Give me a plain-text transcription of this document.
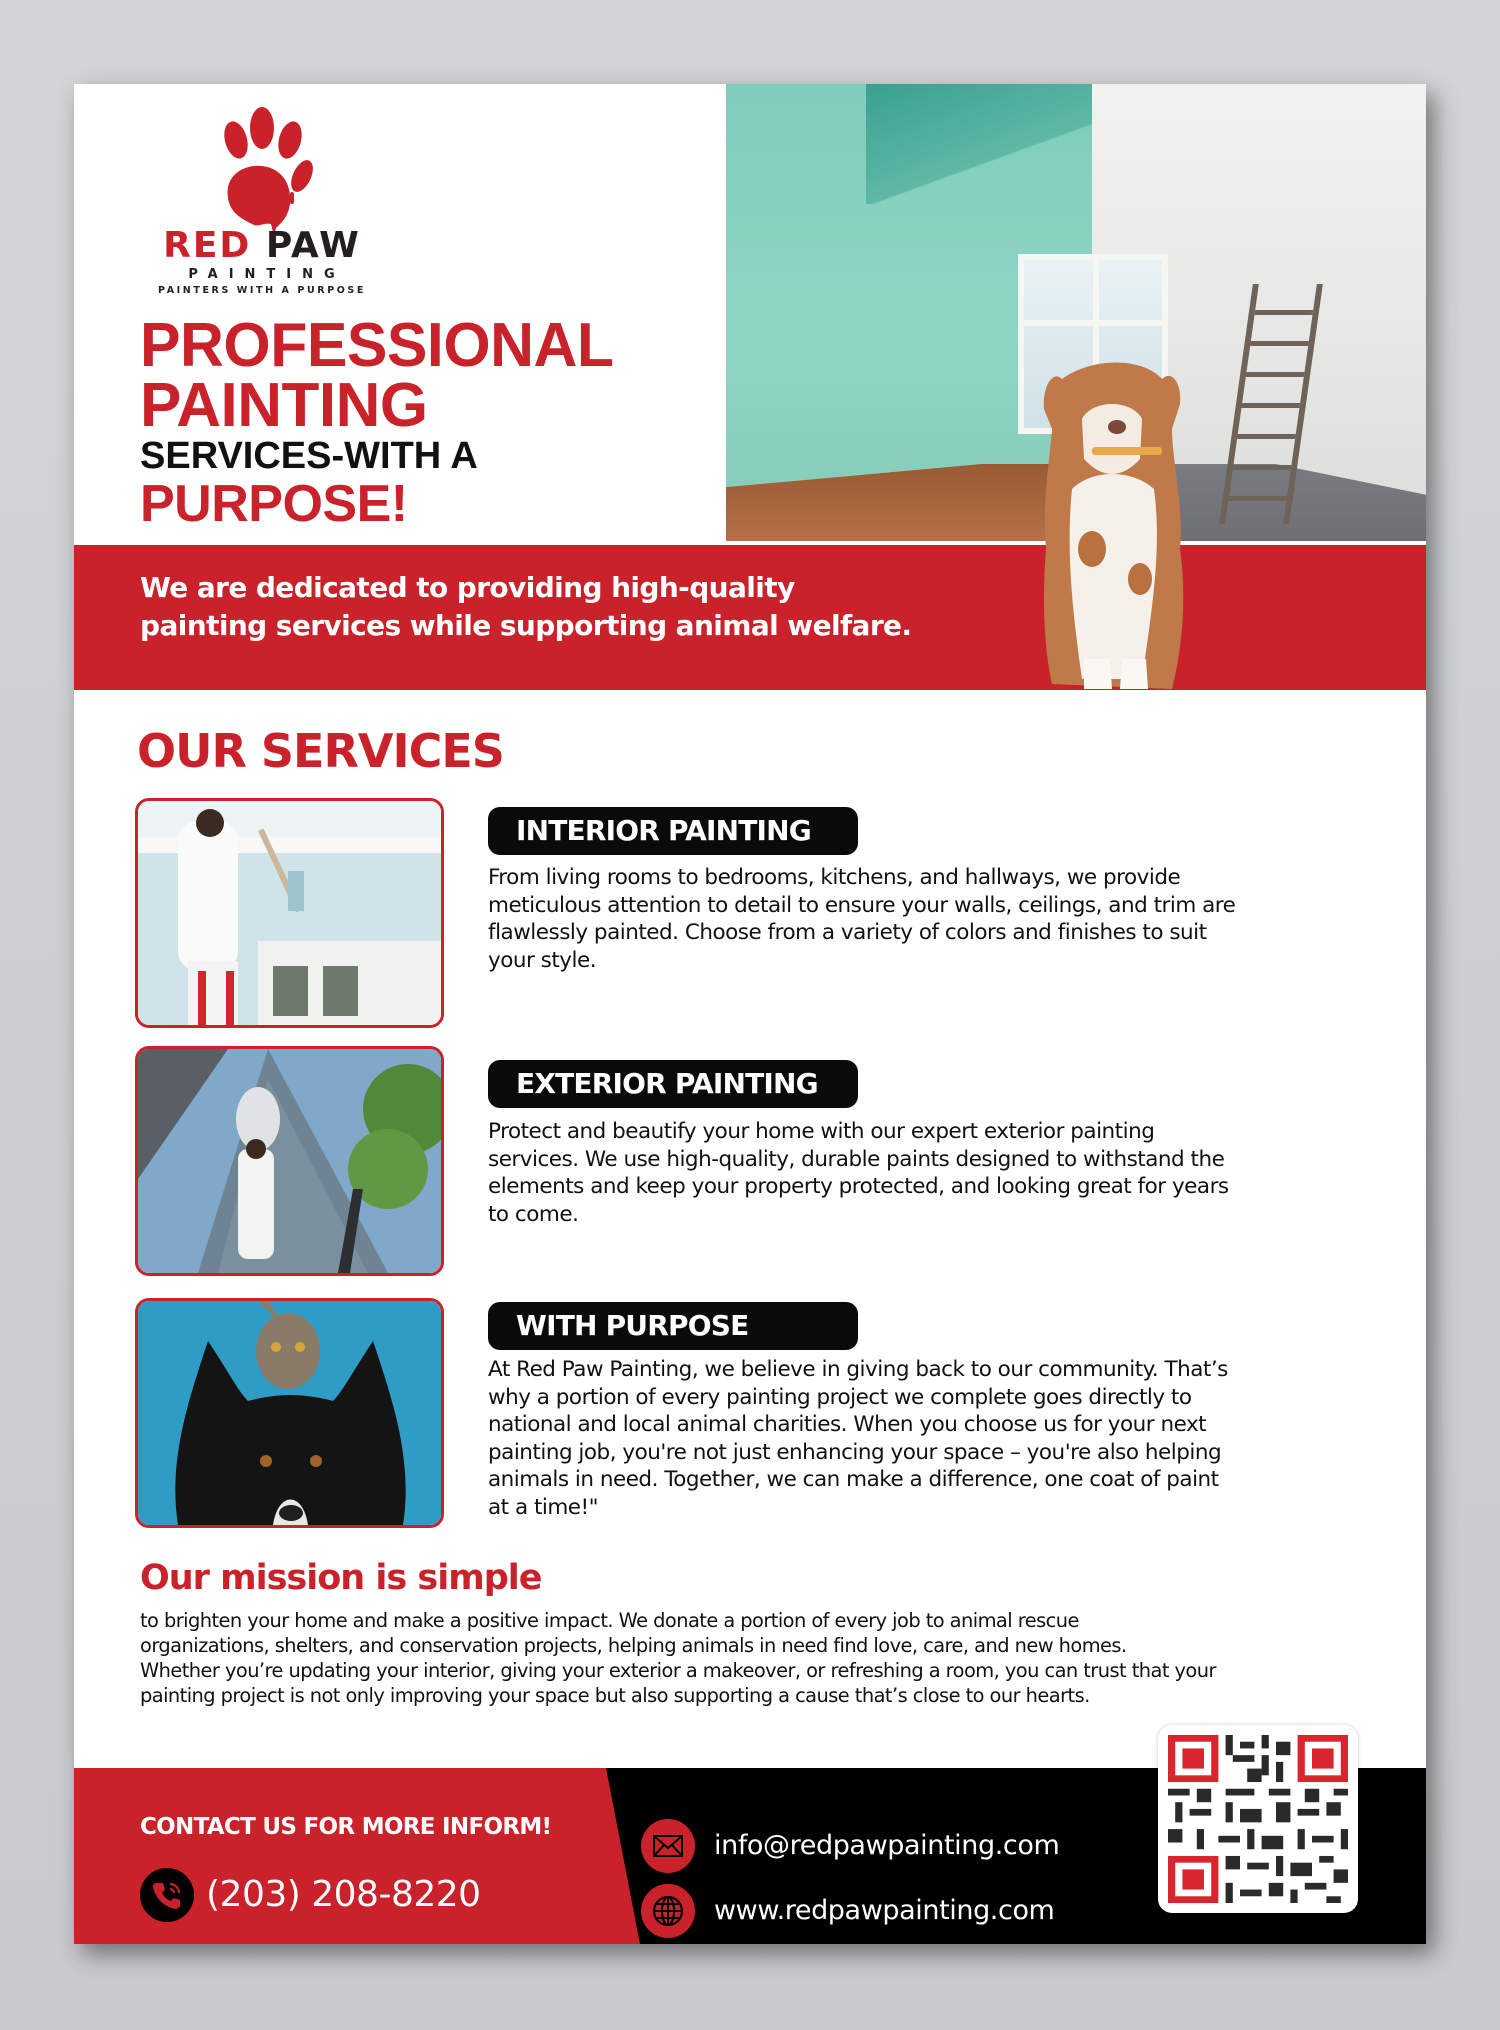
RED PAW
PAINTING
PAINTERS WITH A PURPOSE
PROFESSIONAL
PAINTING
SERVICES-WITH A
PURPOSE!
We are dedicated to providing high-quality
painting services while supporting animal welfare.
OUR SERVICES
INTERIOR PAINTING
From living rooms to bedrooms, kitchens, and hallways, we provide
meticulous attention to detail to ensure your walls, ceilings, and trim are
flawlessly painted. Choose from a variety of colors and finishes to suit
your style.
EXTERIOR PAINTING
Protect and beautify your home with our expert exterior painting
services. We use high-quality, durable paints designed to withstand the
elements and keep your property protected, and looking great for years
to come.
WITH PURPOSE
At Red Paw Painting, we believe in giving back to our community. That’s
why a portion of every painting project we complete goes directly to
national and local animal charities. When you choose us for your next
painting job, you're not just enhancing your space – you're also helping
animals in need. Together, we can make a difference, one coat of paint
at a time!"
Our mission is simple
to brighten your home and make a positive impact. We donate a portion of every job to animal rescue
organizations, shelters, and conservation projects, helping animals in need find love, care, and new homes.
Whether you’re updating your interior, giving your exterior a makeover, or refreshing a room, you can trust that your
painting project is not only improving your space but also supporting a cause that’s close to our hearts.
CONTACT US FOR MORE INFORM!
(203) 208-8220
info@redpawpainting.com
www.redpawpainting.com
